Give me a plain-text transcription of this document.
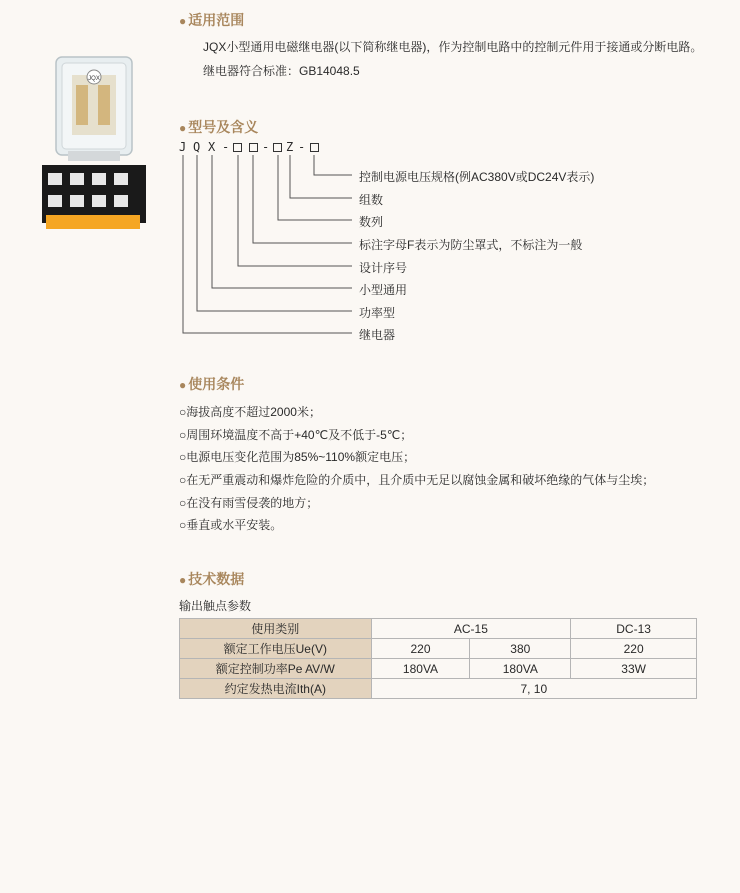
JQX
● 适用范围
JQX小型通用电磁继电器(以下简称继电器)，作为控制电路中的控制元件用于接通或分断电路。
继电器符合标准：GB14048.5
● 型号及含义
J Q X -	- Z -
控制电源电压规格(例AC380V或DC24V表示)
组数
数列
标注字母F表示为防尘罩式，不标注为一般
设计序号
小型通用
功率型
继电器
● 使用条件
○海拔高度不超过2000米；
○周围环境温度不高于+40℃及不低于-5℃；
○电源电压变化范围为85%~110%额定电压；
○在无严重震动和爆炸危险的介质中，且介质中无足以腐蚀金属和破坏绝缘的气体与尘埃；
○在没有雨雪侵袭的地方；
○垂直或水平安装。
● 技术数据
输出触点参数
使用类别	AC-15		DC-13
额定工作电压Ue(V)	220	380	220
额定控制功率Pe AV/W	180VA	180VA	33W
约定发热电流Ith(A)	7, 10		
